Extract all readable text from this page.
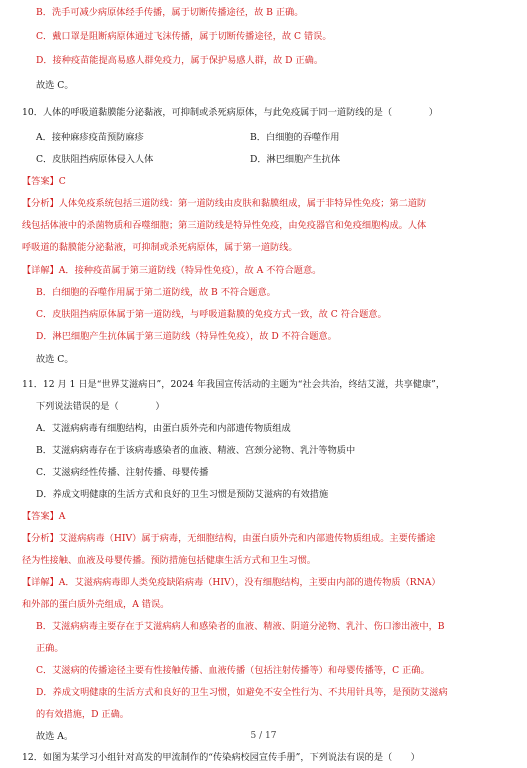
B．洗手可减少病原体经手传播，属于切断传播途径，故 B 正确。
C．戴口罩是阻断病原体通过飞沫传播，属于切断传播途径，故 C 错误。
D．接种疫苗能提高易感人群免疫力，属于保护易感人群，故 D 正确。
故选 C。
10．人体的呼吸道黏膜能分泌黏液，可抑制或杀死病原体，与此免疫属于同一道防线的是（　　　　）
A．接种麻疹疫苗预防麻疹	B．白细胞的吞噬作用
C．皮肤阻挡病原体侵入人体	D．淋巴细胞产生抗体
【答案】C
【分析】人体免疫系统包括三道防线：第一道防线由皮肤和黏膜组成，属于非特异性免疫；第二道防
线包括体液中的杀菌物质和吞噬细胞；第三道防线是特异性免疫，由免疫器官和免疫细胞构成。人体
呼吸道的黏膜能分泌黏液，可抑制或杀死病原体，属于第一道防线。
【详解】A．接种疫苗属于第三道防线（特异性免疫），故 A 不符合题意。
B．白细胞的吞噬作用属于第二道防线，故 B 不符合题意。
C．皮肤阻挡病原体属于第一道防线，与呼吸道黏膜的免疫方式一致，故 C 符合题意。
D．淋巴细胞产生抗体属于第三道防线（特异性免疫），故 D 不符合题意。
故选 C。
11．12 月 1 日是“世界艾滋病日”，2024 年我国宣传活动的主题为“社会共治，终结艾滋，共享健康”，
下列说法错误的是（　　　　）
A．艾滋病病毒有细胞结构，由蛋白质外壳和内部遗传物质组成
B．艾滋病病毒存在于该病毒感染者的血液、精液、宫颈分泌物、乳汁等物质中
C．艾滋病经性传播、注射传播、母婴传播
D．养成文明健康的生活方式和良好的卫生习惯是预防艾滋病的有效措施
【答案】A
【分析】艾滋病病毒（HIV）属于病毒，无细胞结构，由蛋白质外壳和内部遗传物质组成。主要传播途
径为性接触、血液及母婴传播。预防措施包括健康生活方式和卫生习惯。
【详解】A．艾滋病病毒即人类免疫缺陷病毒（HIV），没有细胞结构，主要由内部的遗传物质（RNA）
和外部的蛋白质外壳组成，A 错误。
B．艾滋病病毒主要存在于艾滋病病人和感染者的血液、精液、阴道分泌物、乳汁、伤口渗出液中，B
正确。
C．艾滋病的传播途径主要有性接触传播、血液传播（包括注射传播等）和母婴传播等，C 正确。
D．养成文明健康的生活方式和良好的卫生习惯，如避免不安全性行为、不共用针具等，是预防艾滋病
的有效措施，D 正确。
故选 A。
12．如图为某学习小组针对高发的甲流制作的“传染病校园宣传手册”，下列说法有误的是（　　）
5 / 17
